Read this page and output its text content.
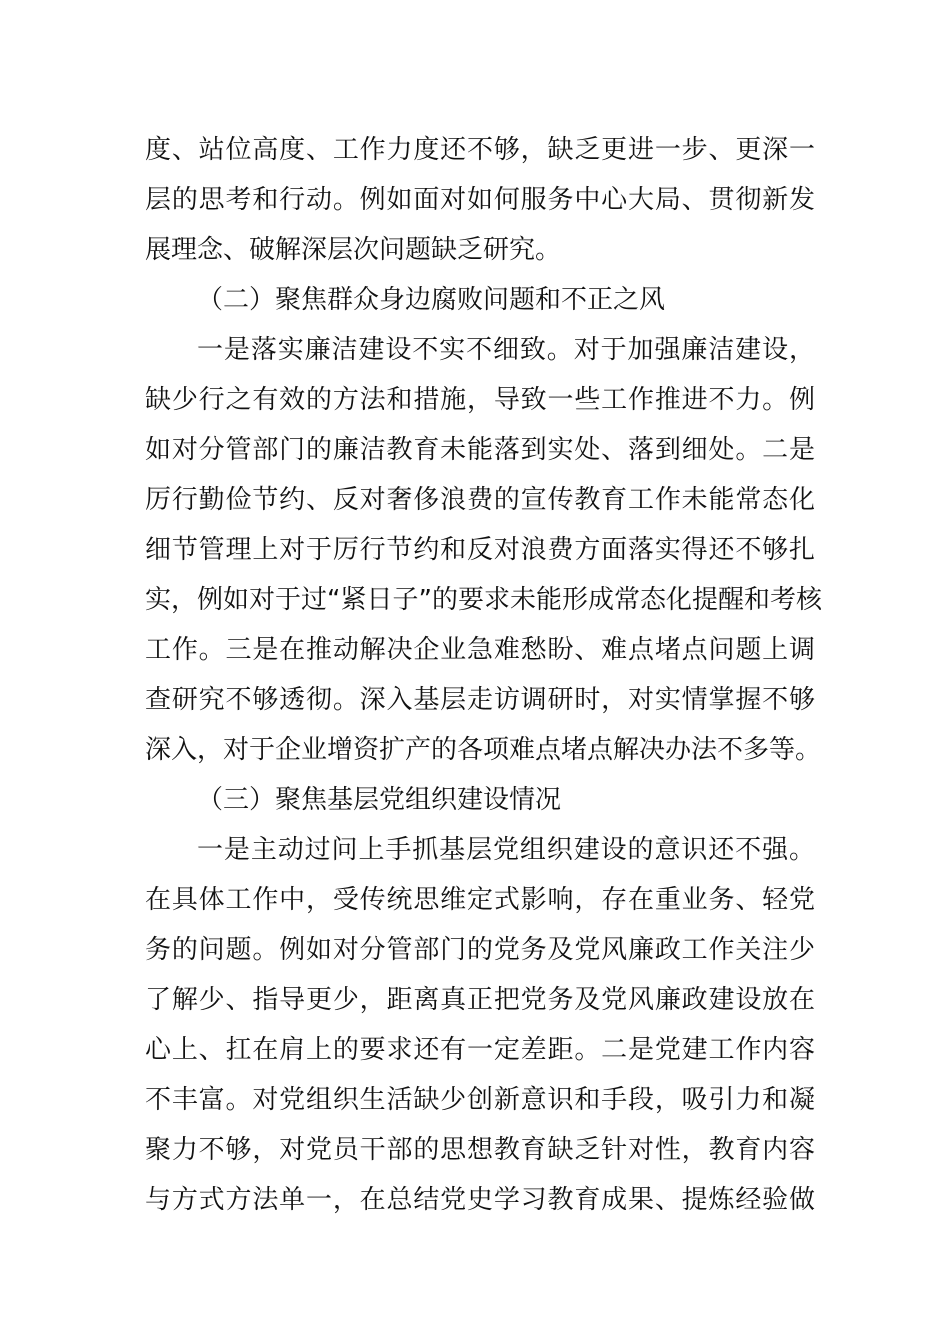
度、站位高度、工作力度还不够，缺乏更进一步、更深一
层的思考和行动。例如面对如何服务中心大局、贯彻新发
展理念、破解深层次问题缺乏研究。
（二）聚焦群众身边腐败问题和不正之风
一是落实廉洁建设不实不细致。对于加强廉洁建设，
缺少行之有效的方法和措施，导致一些工作推进不力。例
如对分管部门的廉洁教育未能落到实处、落到细处。二是
厉行勤俭节约、反对奢侈浪费的宣传教育工作未能常态化
细节管理上对于厉行节约和反对浪费方面落实得还不够扎
实，例如对于过“紧日子”的要求未能形成常态化提醒和考核
工作。三是在推动解决企业急难愁盼、难点堵点问题上调
查研究不够透彻。深入基层走访调研时，对实情掌握不够
深入，对于企业增资扩产的各项难点堵点解决办法不多等。
（三）聚焦基层党组织建设情况
一是主动过问上手抓基层党组织建设的意识还不强。
在具体工作中，受传统思维定式影响，存在重业务、轻党
务的问题。例如对分管部门的党务及党风廉政工作关注少
了解少、指导更少，距离真正把党务及党风廉政建设放在
心上、扛在肩上的要求还有一定差距。二是党建工作内容
不丰富。对党组织生活缺少创新意识和手段，吸引力和凝
聚力不够，对党员干部的思想教育缺乏针对性，教育内容
与方式方法单一，在总结党史学习教育成果、提炼经验做
